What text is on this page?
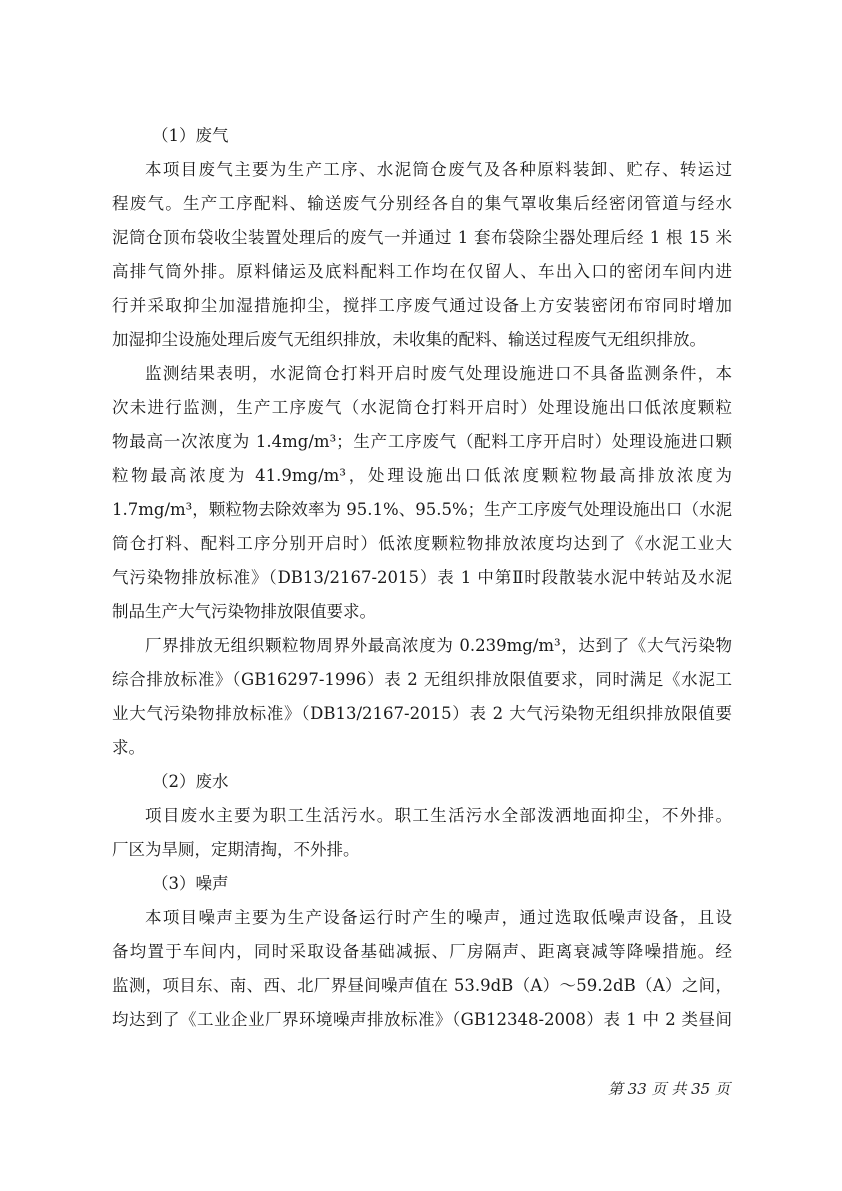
（1）废气
本项目废气主要为生产工序、水泥筒仓废气及各种原料装卸、贮存、转运过
程废气。生产工序配料、输送废气分别经各自的集气罩收集后经密闭管道与经水
泥筒仓顶布袋收尘装置处理后的废气一并通过 1 套布袋除尘器处理后经 1 根 15 米
高排气筒外排。原料储运及底料配料工作均在仅留人、车出入口的密闭车间内进
行并采取抑尘加湿措施抑尘，搅拌工序废气通过设备上方安装密闭布帘同时增加
加湿抑尘设施处理后废气无组织排放，未收集的配料、输送过程废气无组织排放。
监测结果表明，水泥筒仓打料开启时废气处理设施进口不具备监测条件，本
次未进行监测，生产工序废气（水泥筒仓打料开启时）处理设施出口低浓度颗粒
物最高一次浓度为 1.4mg/m³；生产工序废气（配料工序开启时）处理设施进口颗
粒物最高浓度为 41.9mg/m³，处理设施出口低浓度颗粒物最高排放浓度为
1.7mg/m³，颗粒物去除效率为 95.1%、95.5%；生产工序废气处理设施出口（水泥
筒仓打料、配料工序分别开启时）低浓度颗粒物排放浓度均达到了《水泥工业大
气污染物排放标准》（DB13/2167-2015）表 1 中第Ⅱ时段散装水泥中转站及水泥
制品生产大气污染物排放限值要求。
厂界排放无组织颗粒物周界外最高浓度为 0.239mg/m³，达到了《大气污染物
综合排放标准》（GB16297-1996）表 2 无组织排放限值要求，同时满足《水泥工
业大气污染物排放标准》（DB13/2167-2015）表 2 大气污染物无组织排放限值要
求。
（2）废水
项目废水主要为职工生活污水。职工生活污水全部泼洒地面抑尘，不外排。
厂区为旱厕，定期清掏，不外排。
（3）噪声
本项目噪声主要为生产设备运行时产生的噪声，通过选取低噪声设备，且设
备均置于车间内，同时采取设备基础减振、厂房隔声、距离衰减等降噪措施。经
监测，项目东、南、西、北厂界昼间噪声值在 53.9dB（A）～59.2dB（A）之间，
均达到了《工业企业厂界环境噪声排放标准》（GB12348-2008）表 1 中 2 类昼间
第 33 页 共 35 页
